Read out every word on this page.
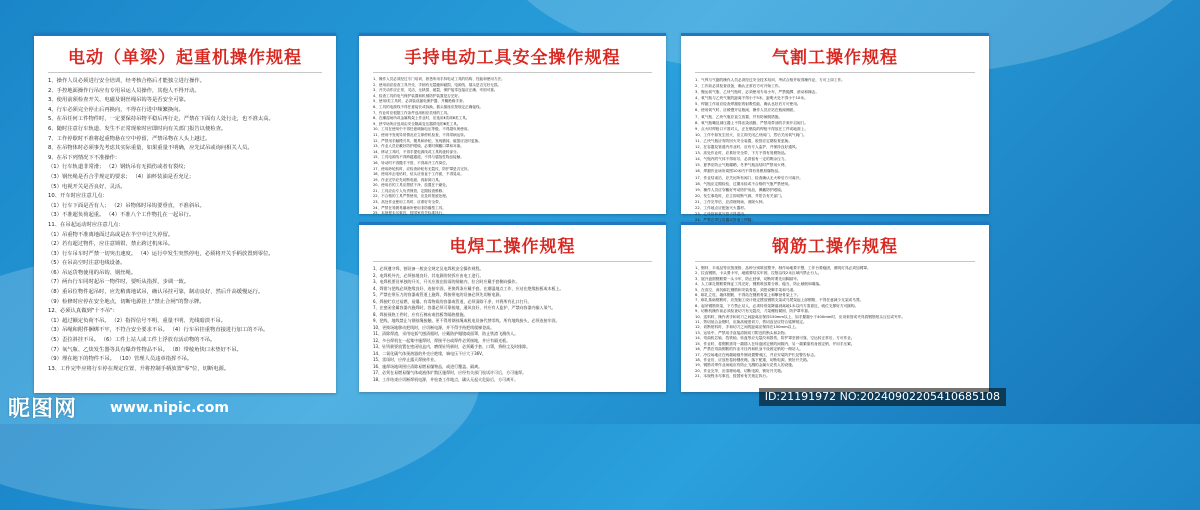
电动（单梁）起重机操作规程
1、操作人员必须进行安全培训，经考核合格后才能独立进行操作。
2、手控地面操作行吊应有专用吊运人员操作，其他人不得开动。
3、使用前须检查开关、电磁及钢丝绳吊钩等是否安全可靠。
4、行车必须完全停止后再换向，不得在行进中频繁换向。
5、在吊任何工件物件时，一定要保持吊物平稳后再行走，严禁在下面有人处行走，也不准太高。
6、随时注意行车轨道、发生不正常现象时应即时向有关部门报告以便检查。
7、工作停歇时不准将起重物悬在空中停留，严禁吊物在人头上越过。
8、在吊物体时必须事先考虑其实际重量，如果重量不明确，应先试吊或询问相关人员。
9、在吊下列情况下不准操作：
（1）行车轨道非常滑； （2）钢轨吊有无损伤或者有裂纹；
（3）钢丝绳是否合乎规定的要求； （4）油杯装油是否充足；
（5）电视开关是否良好，灵活。
10、开车时应注意几点：
（1）行车下面是否有人； （2）吊物体时吊钩要垂直，不准斜吊。
（3）不准超负荷起重。 （4）不准八个工作物扎在一起吊行。
11、在吊起运动时应注意几点：
（1）吊重物不准离地面过高或是在半空中过久停留。
（2）若有超过物件，应注意锁钳，禁止跨过机床吊。
（3）行车吊车时严禁一切突击速度。 （4）运行中发生突然停电，必须将开关手柄放置到零位。
（5）在吊高空时注意电线设备。
（6）吊运货物使用的吊钩、钢丝绳。
（7）两台行车同时起吊一物件时，要听从指挥，步调一致。
（8）重吊位物件起吊时，应先稍离地试吊，确认吊挂可靠，制动良好，然后升高缓慢运行。
（9）检修时应停在安全地点，切断电源挂上"禁止合闸"的警示牌。
12、必须认真做到"十不吊"：
（1）超过额定负荷不吊。 （2）指挥信号不明、重量不明、光线暗淡不吊。
（3）吊绳和附件捆绑不牢，不符合安全要求不吊。 （4）行车吊挂重物直接进行加工的不吊。
（5）歪拉斜挂不吊。 （6）工件上站人或工件上浮放有活动物的不吊。
（7）氧气瓶、乙炔发生器等具有爆炸性物品不吊。 （8）带棱角快口未垫好不吊。
（9）埋在地下的物件不吊。 （10）管理人员违章指挥不吊。
13、工作完毕应将行车停在规定位置，升将控制手柄放置"零"位，切断电源。
手持电动工具安全操作规程
1、操作人员必须经过专门培训，熟悉所用手持电动工具的结构、性能和使用方法。
2、使用前应检查工具外壳、手柄有无裂缝和破损，电源线、插头是否完好无损。
3、开关动作应正常、灵活，无缺损、破裂，保护接零连接应正确、牢固可靠。
4、检查工具的电气保护装置和机械防护装置是否完好。
5、使用Ⅰ类工具时，必须装设漏电保护器，并戴绝缘手套。
6、工具的电源线不得任意接长或拆换，插头插座应按规定正确接线。
7、作业时应根据工作条件选用相应类别的工具。
8、在潮湿场所或金属构架上作业时，应选用Ⅱ类或Ⅲ类工具。
9、狭窄场所应选用由安全隔离变压器供电的Ⅲ类工具。
10、工具在使用中不得任意调换电压等级，不得超负荷使用。
11、使用中发现异常情况应立即停机检查，不得带病运转。
12、严禁用手触摸刃具、模具和砂轮，发现磨钝、破损应及时更换。
13、作业人员应戴好防护眼镜，必要时佩戴口罩和耳塞。
14、移动工具时，不得手提电源线或工具的旋转部分。
15、工具电源线不得跨越通道，不得与腐蚀性物品接触。
16、转动时不得撒手不管，不得离开工作岗位。
17、使用砂轮机时，应检查砂轮有无裂纹，防护罩是否完好。
18、使用冲击电钻时，钻头应垂直于工作面，不得晃动。
19、作业完毕应先切断电源，再拆卸刀具。
20、使用后的工具应擦拭干净，放置在干燥处。
21、工具应由专人负责保管，定期检查维修。
22、不合格的工具严禁使用，应及时报废处理。
23、高处作业使用工具时，应系好安全带。
24、严禁在易燃易爆场所使用非防爆型工具。
25、本规程未尽事宜，按国家有关标准执行。
气割工操作规程
1、气焊与气割的操作人员必须经过安全技术培训，考试合格并取得操作证，方可上岗工作。
2、工作前必须检查设备，确认正常后方可开始工作。
3、搬运氧气瓶、乙炔气瓶时，必须使用专用小车，严禁抛掷、滚动和撞击。
4、氧气瓶与乙炔气瓶的距离不得小于5米，距明火处不得小于10米。
5、焊割工作前应检查焊割炬的射吸性能，确认良好后方可使用。
6、使用氧气时，应缓慢开启瓶阀，操作人员应站在瓶阀侧面。
7、氧气瓶、乙炔气瓶应直立放置，并有防倾倒措施。
8、氧气瓶嘴及减压器上不得沾染油脂，严禁用带油的手套开启阀门。
9、点火时焊枪口不准对人，正在燃烧的焊枪不得放在工件或地面上。
10、工作中如发生回火，应立即关闭乙炔阀门，然后关闭氧气阀门。
11、乙炔气瓶应有防回火安全装置，胶管应定期检查更换。
12、在容器及管道内作业时，应有专人监护，并保持良好通风。
13、高处作业时，应系好安全带，下方不得有易燃物品。
14、气瓶内的气体不得用尽，必须留有一定的剩余压力。
15、夏季应防止气瓶曝晒，冬季气瓶冻结时严禁用火烤。
16、焊割作业场所周围10米内不得有易燃易爆物品。
17、作业结束后，应关闭所有阀门，检查确认无火种后方可离开。
18、气瓶应定期检验，过期未检或不合格的气瓶严禁使用。
19、操作人员应穿戴好劳动防护用品，佩戴防护眼镜。
20、发生事故时，应立即切断气源，并报告有关部门。
21、工作完毕后，应清理现场，消除火种。
22、工作地点应配备灭火器材。
23、乙炔管和氧气管不得混用。
24、严禁在带压容器或管道上焊割。
电焊工操作规程
1、必须遵守焊、割设备一般安全规定及电焊机安全操作规程。
2、电焊机外壳，必须接地良好，其电源的装拆应由电工进行。
3、电焊机要设单独的开关，开关应放在防雨的闸箱内，拉合时应戴手套侧向操作。
4、焊钳与把线必须绝缘良好、连接牢固，更换焊条应戴手套。在潮湿地点工作，应站在绝缘胶板或木板上。
5、严禁在带压力的容器或管道上施焊，焊接带电的设备必须先切断电源。
6、焊接贮存过易燃、易爆、有毒物质的容器或管道，必须清除干净，并将所有孔口打开。
7、在密闭金属容器内施焊时，容器必须可靠接地，通风良好，并应有人监护，严禁向容器内输入氧气。
8、焊接预热工件时，应有石棉布或挡板等隔热措施。
9、把线、地线禁止与钢丝绳接触，更不得用钢丝绳或机电设备代替零线，所有地线接头，必须连接牢固。
10、更换场地移动把线时，应切断电源，并不得手持把线爬梯登高。
11、清除焊渣，采用电弧气刨清根时，应戴防护眼镜或面罩，防止铁渣飞溅伤人。
12、多台焊机在一起集中施焊时，焊接平台或焊件必须接地，并应有隔光板。
13、钍钨极要放置在密闭铅盒内，磨削钍钨极时，必须戴手套、口罩，将粉尘及时排除。
14、二氧化碳气体预热器的外壳应绝缘，端电压不应大于36V。
15、雷雨时，应停止露天焊接作业。
16、施焊场地周围应清除易燃易爆物品，或进行覆盖、隔离。
17、必须在易燃易爆气体或液体扩散区施焊时，应经有关部门检试许可后，方可施焊。
18、工作结束应切断焊机电源，并检查工作地点，确认无起火危险后，方可离开。
钢筋工操作规程
1、钢材、半成品等应按规格、品种分别堆放整齐，制作场地要平整，工作台要稳固，照明灯具必须加网罩。
2、拉直钢筋，卡头要卡牢，地锚要结实牢固，拉筋沿线2米区域内禁止行人。
3、展开盘圆钢筋要一头卡牢，防止回弹，切断时要先用脚踩牢。
4、人工绑扎钢筋要保证工具完好，钢筋堆放要分散、稳当，防止倾倒和塌落。
5、在高空、深坑绑扎钢筋和安装骨架，须搭设脚手架和马道。
6、绑扎立柱、墙体钢筋，不得站在钢筋骨架上和攀登骨架上下。
7、绑扎基础钢筋时，应按施工设计规定摆放钢筋支架或马凳架起上部钢筋，不得任意减少支架或马凳。
8、起吊钢筋骨架，下方禁止站人，必须待骨架降落到离地1米以内方准靠近，就位支撑好方可摘钩。
9、切断机操作前必须检查切刀有无裂纹，刀架螺栓紧固，防护罩牢靠。
10、送料时，操作者手和切刀之间距离应保持150mm以上，如手握端小于400mm时，应用套管或夹具将钢筋短头压住或夹牢。
11、剪切低合金钢时，应换高硬度切刀，剪切直径应符合铭牌规定。
12、切断短料时，手和切刀之间的距离应保持在150mm以上。
13、运转中，严禁用手直接清除切刀附近的断头和杂物。
14、弯曲机芯轴、挡铁轴、转盘等应无裂纹和损伤，防护罩坚固可靠，空运转正常后，方可作业。
15、作业时，将钢筋需弯一端插入在转盘固定销的间隙内，另一端紧靠机身固定销，并用手压紧。
16、严禁在弯曲钢筋的作业半径内和机身不设固定销的一侧站人。
17、冷拉场地应在两端地锚外侧设置警戒区，并应安装防护栏及警告标志。
18、作业后，应放松卷扬钢丝绳，落下配重，切断电源，锁好开关箱。
19、钢筋对焊作业场地应有防止飞溅的金属火花伤人的设施。
20、作业完毕，应清理场地，切断电源，锁好开关箱。
21、本规程未尽事宜，按国家有关规定执行。
昵图网 www.nipic.com
ID:21191972 NO:20240902205410685108
